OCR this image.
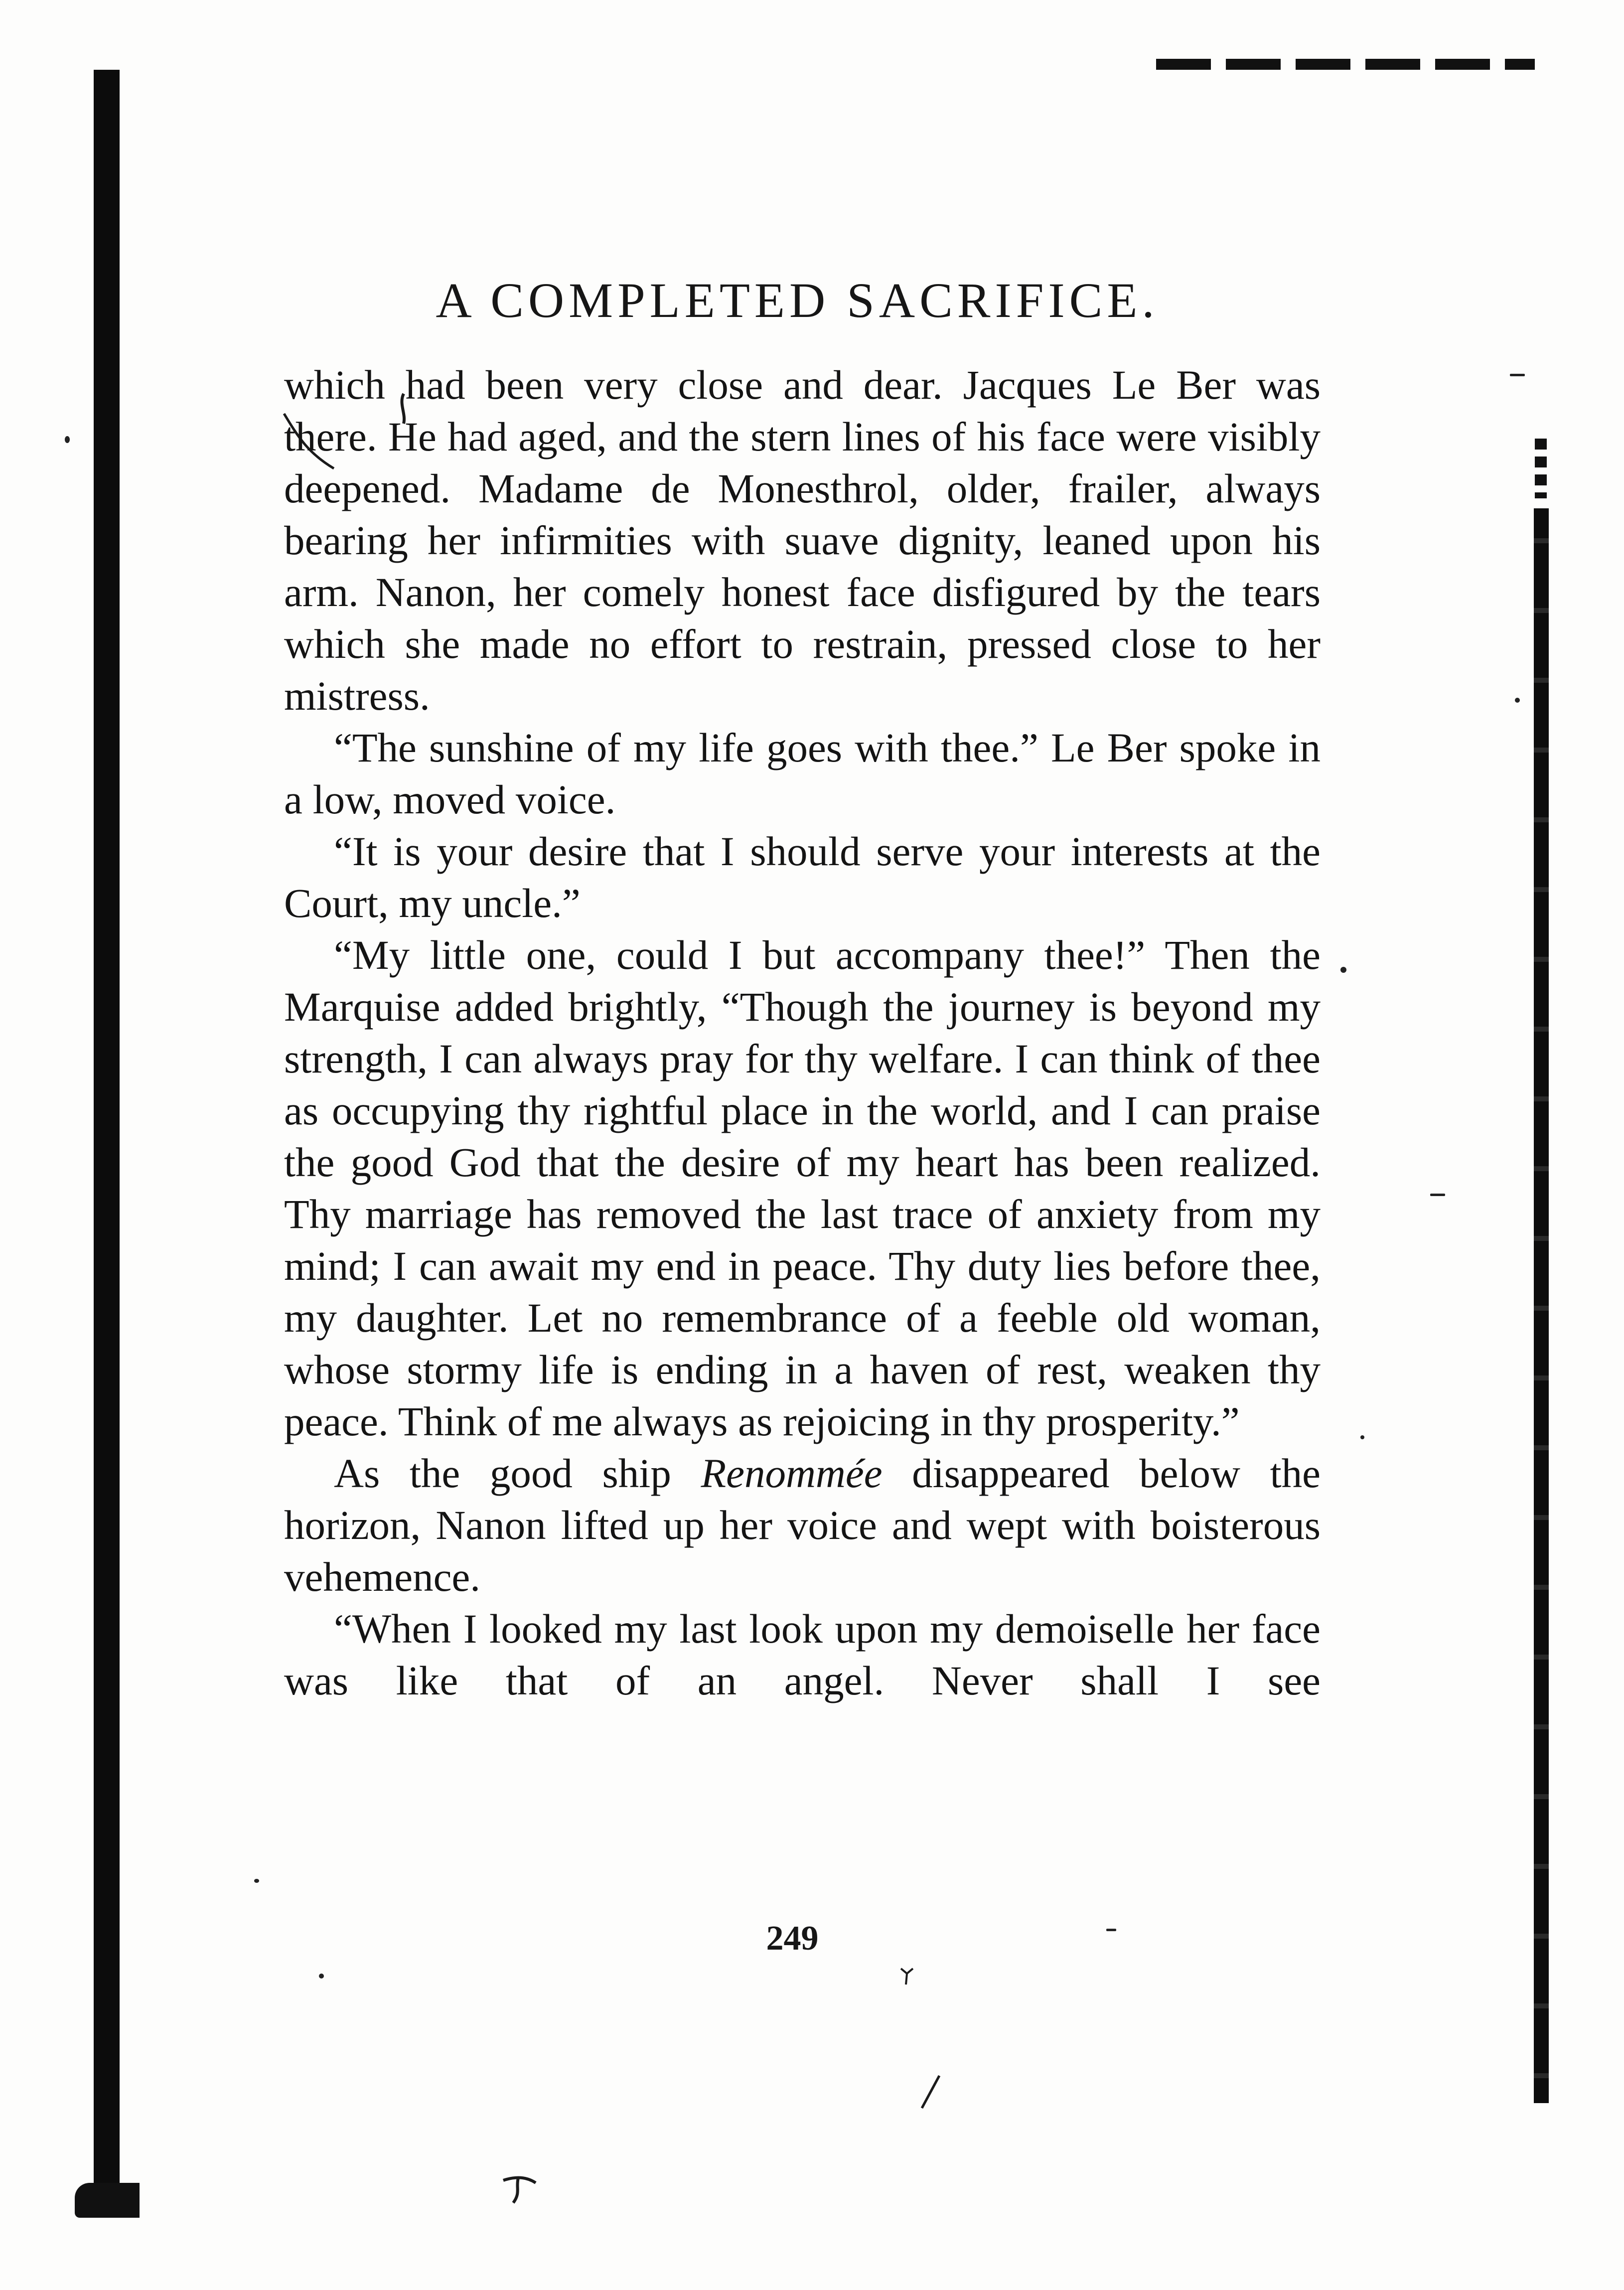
A COMPLETED SACRIFICE.

which had been very close and dear. Jacques Le Ber was there. He had aged, and the stern lines of his face were visibly deepened. Madame de Monesthrol, older, frailer, always bearing her infirmities with suave dignity, leaned upon his arm. Nanon, her comely honest face disfigured by the tears which she made no effort to restrain, pressed close to her mistress.

“The sunshine of my life goes with thee.” Le Ber spoke in a low, moved voice.

“It is your desire that I should serve your interests at the Court, my uncle.”

“My little one, could I but accompany thee!” Then the Marquise added brightly, “Though the journey is beyond my strength, I can always pray for thy welfare. I can think of thee as occupying thy rightful place in the world, and I can praise the good God that the desire of my heart has been realized. Thy marriage has removed the last trace of anxiety from my mind; I can await my end in peace. Thy duty lies before thee, my daughter. Let no remembrance of a feeble old woman, whose stormy life is ending in a haven of rest, weaken thy peace. Think of me always as rejoicing in thy prosperity.”

As the good ship Renommée disappeared below the horizon, Nanon lifted up her voice and wept with boisterous vehemence.

“When I looked my last look upon my demoiselle her face was like that of an angel. Never shall I see

249
